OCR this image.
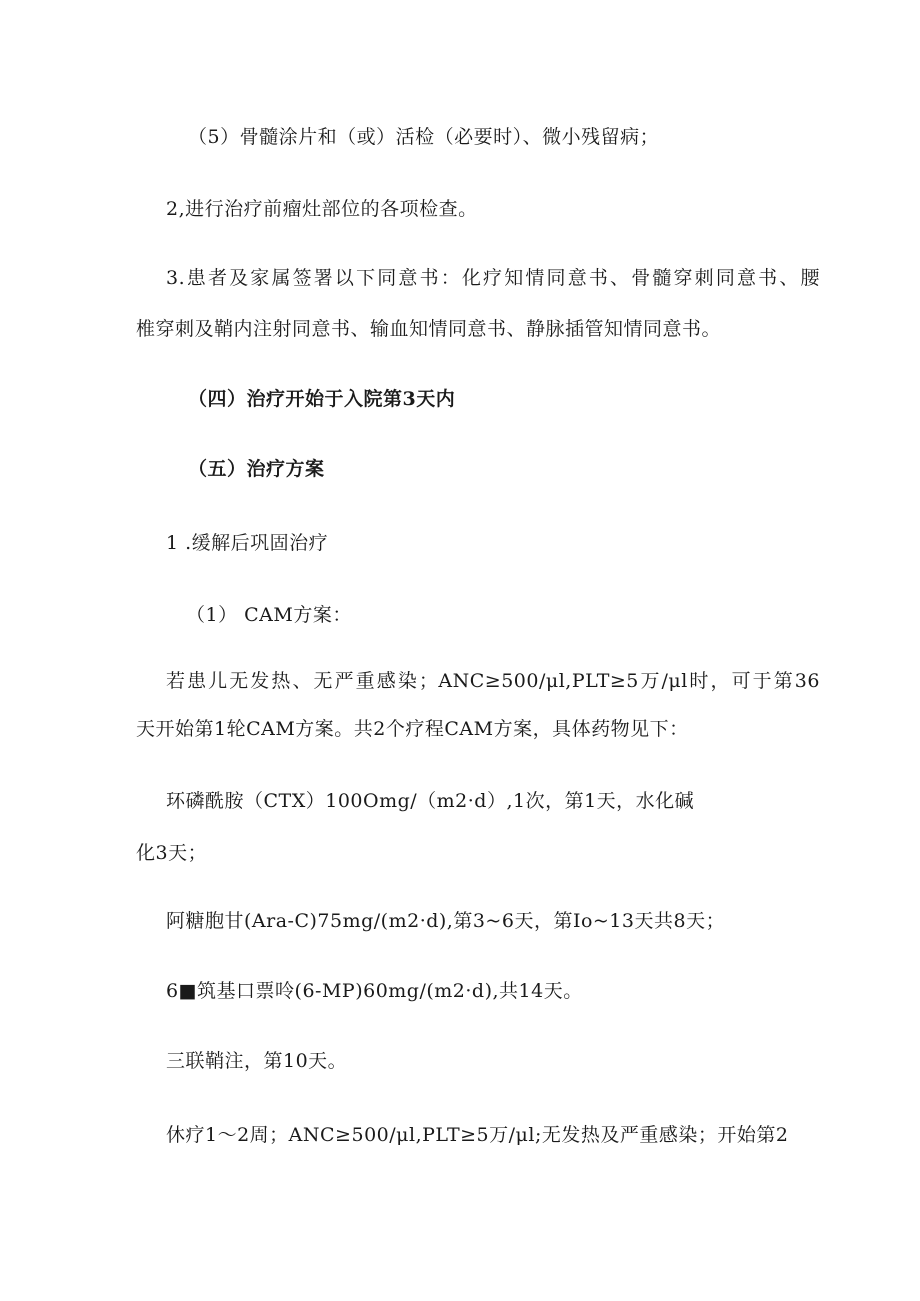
（5）骨髓涂片和（或）活检（必要时）、微小残留病；
2,进行治疗前瘤灶部位的各项检查。
3.患者及家属签署以下同意书：化疗知情同意书、骨髓穿刺同意书、腰
椎穿刺及鞘内注射同意书、输血知情同意书、静脉插管知情同意书。
（四）治疗开始于入院第3天内
（五）治疗方案
1 .缓解后巩固治疗
（1） CAM方案：
若患儿无发热、无严重感染；ANC≥500/μl,PLT≥5万/μl时，可于第36
天开始第1轮CAM方案。共2个疗程CAM方案，具体药物见下：
环磷酰胺（CTX）100Omg/（m2·d）,1次，第1天，水化碱
化3天；
阿糖胞甘(Ara-C)75mg/(m2·d),第3~6天，第Io~13天共8天；
6■筑基口票呤(6-MP)60mg/(m2·d),共14天。
三联鞘注，第10天。
休疗1～2周；ANC≥500/μl,PLT≥5万/μl;无发热及严重感染；开始第2
